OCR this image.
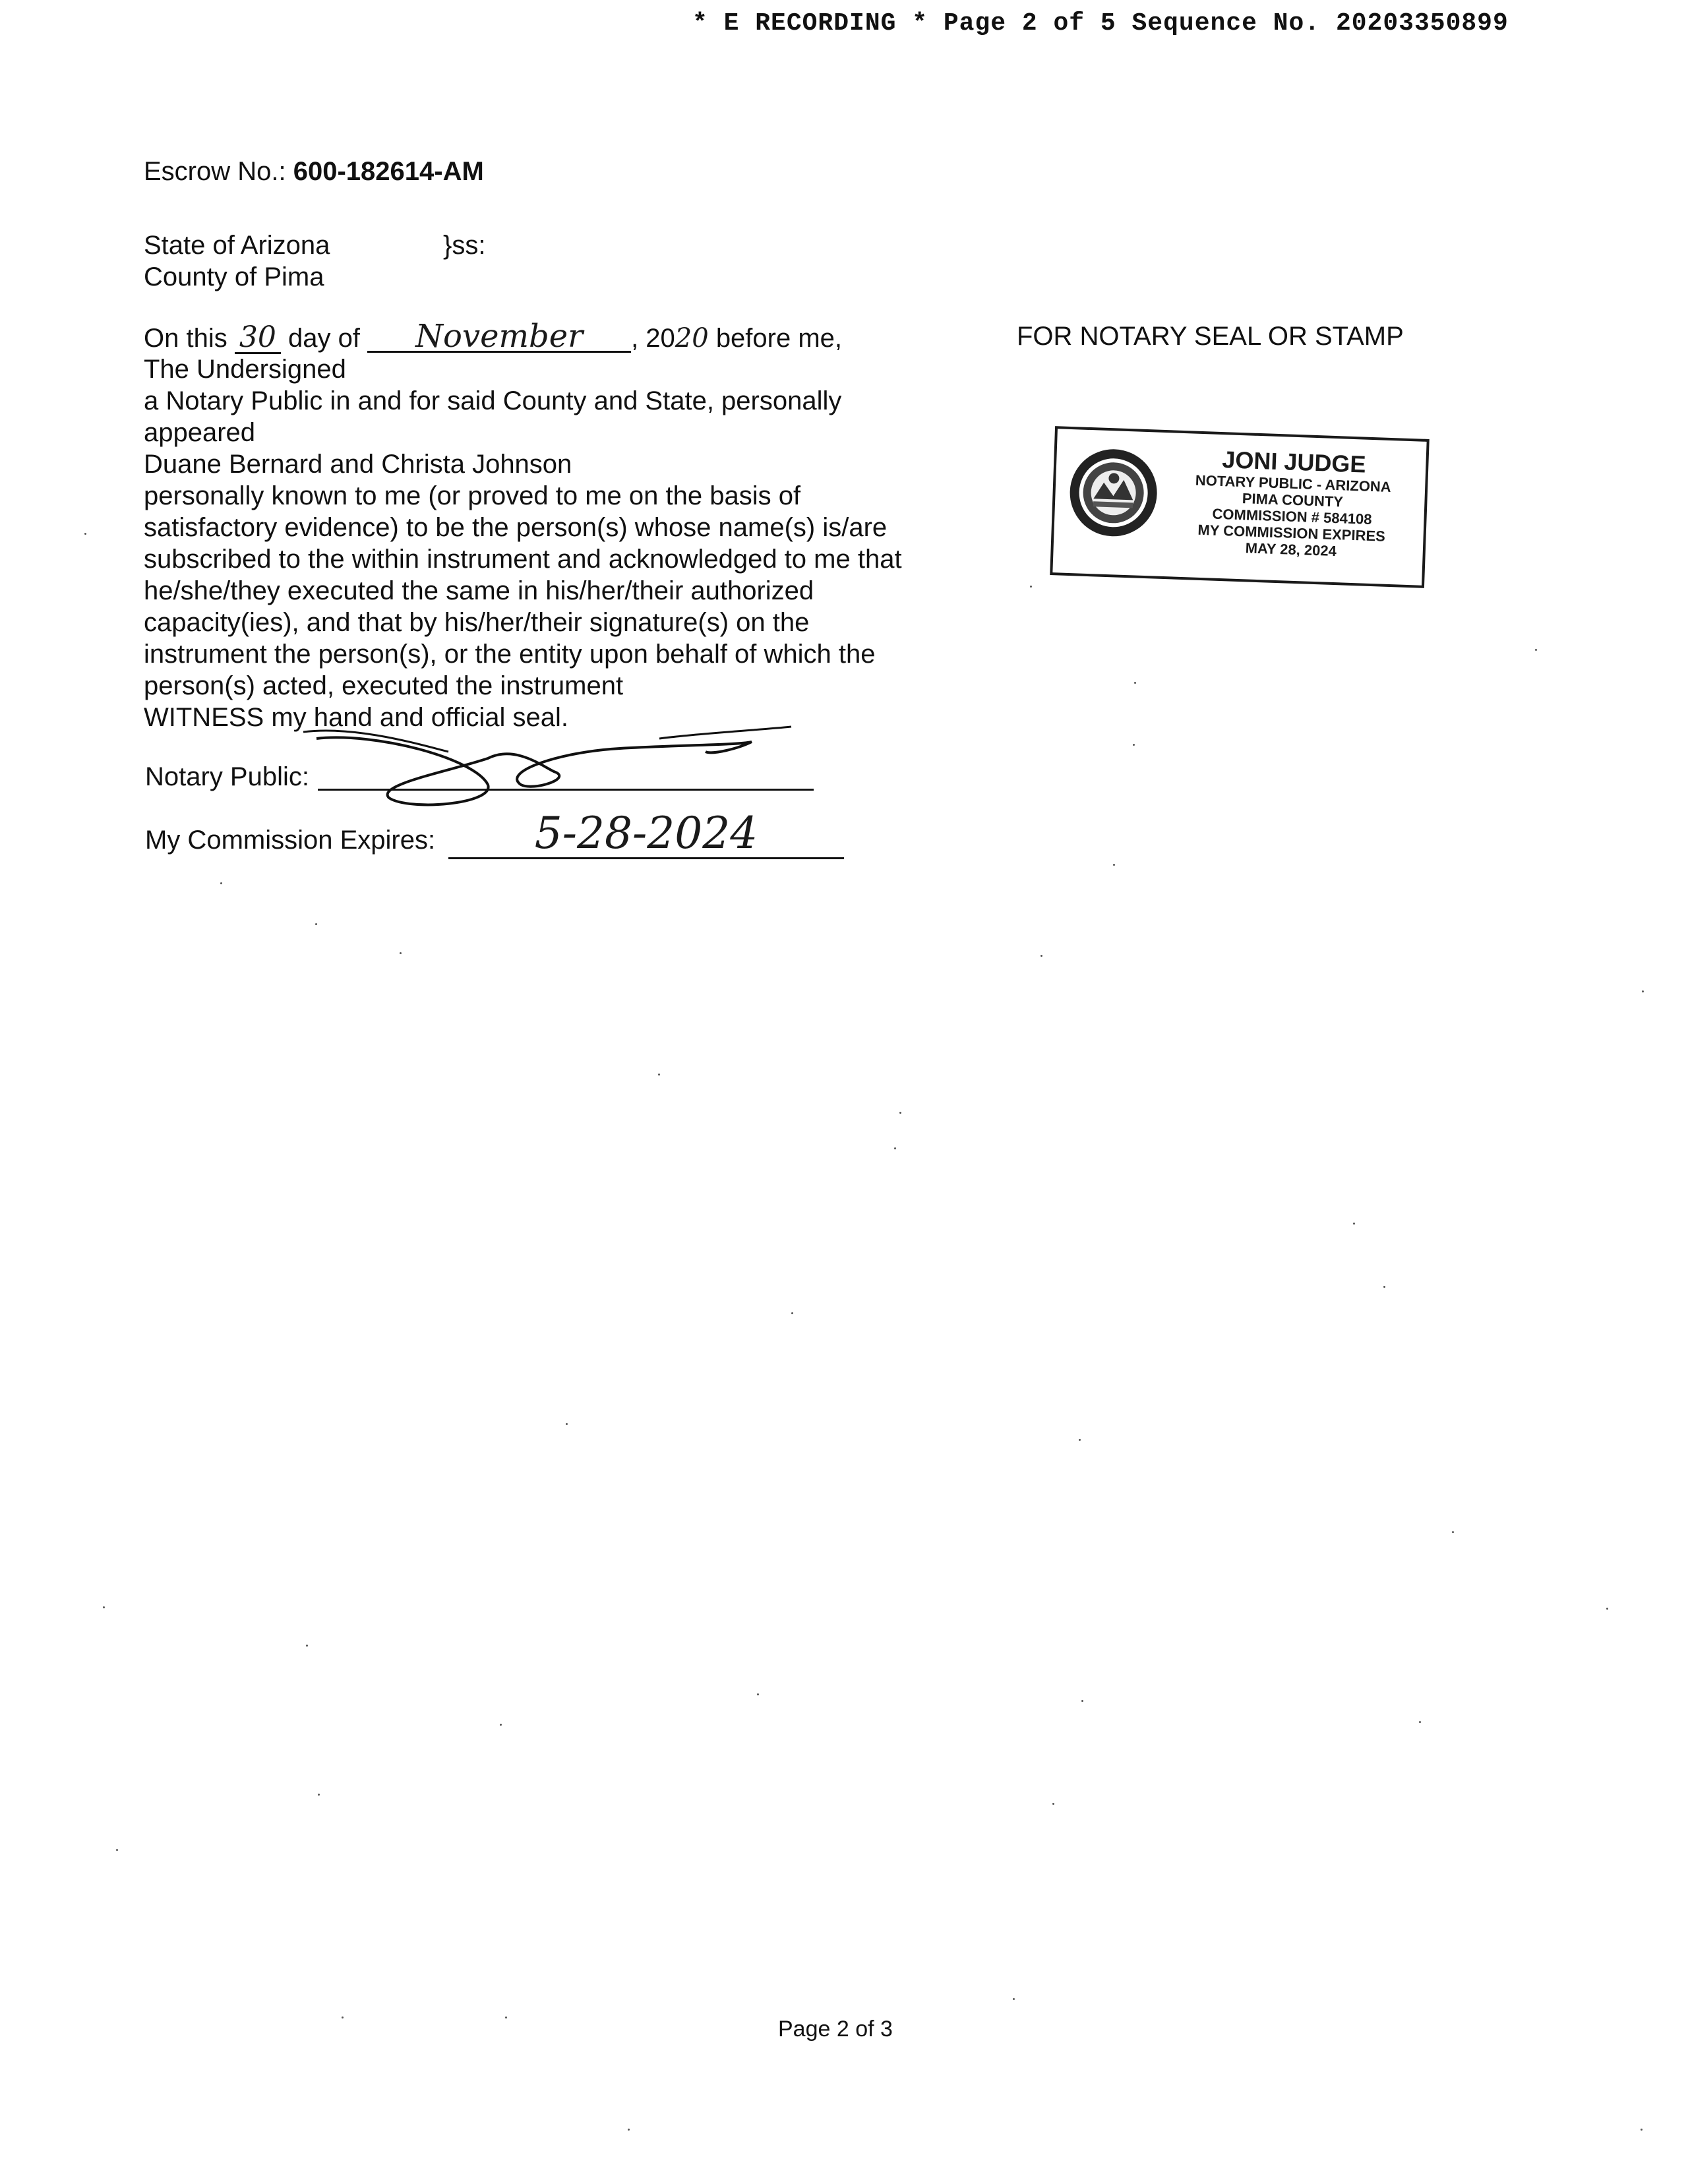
* E RECORDING * Page 2 of 5 Sequence No. 20203350899
Escrow No.: 600-182614-AM
State of Arizona	}ss:
County of Pima
On this 30 day of November , 2020 before me,
The Undersigned
a Notary Public in and for said County and State, personally
appeared
Duane Bernard and Christa Johnson
personally known to me (or proved to me on the basis of
satisfactory evidence) to be the person(s) whose name(s) is/are
subscribed to the within instrument and acknowledged to me that
he/she/they executed the same in his/her/their authorized
capacity(ies), and that by his/her/their signature(s) on the
instrument the person(s), or the entity upon behalf of which the
person(s) acted, executed the instrument
WITNESS my hand and official seal.
Notary Public:
My Commission Expires:	5-28-2024
FOR NOTARY SEAL OR STAMP
JONI JUDGE
NOTARY PUBLIC - ARIZONA
PIMA COUNTY
COMMISSION # 584108
MY COMMISSION EXPIRES
MAY 28, 2024
Page 2 of 3
